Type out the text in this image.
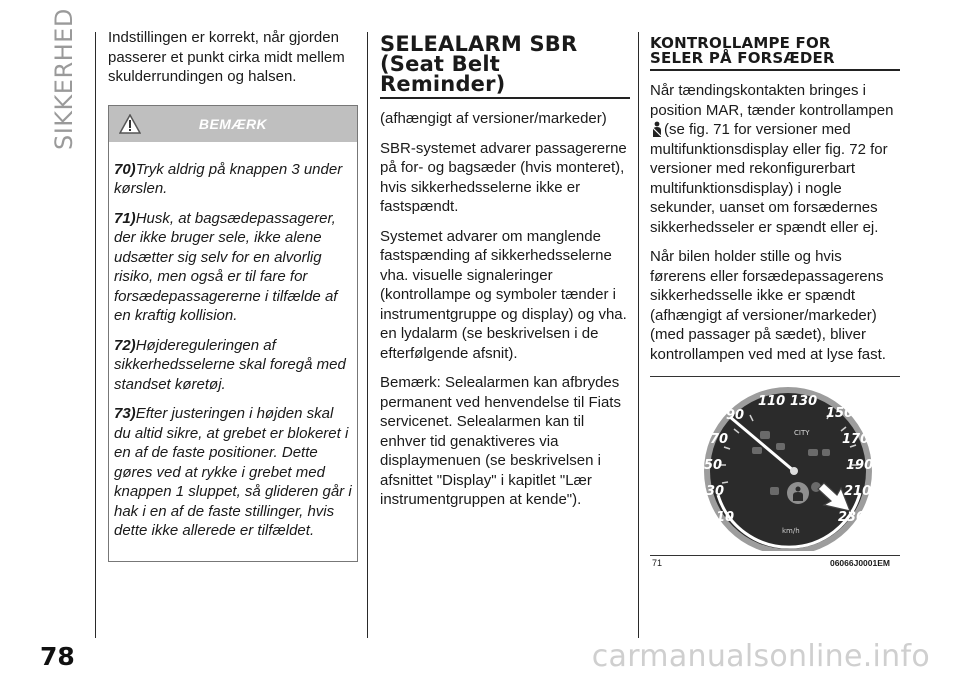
SIKKERHED Indstillingen er korrekt, når gjorden passerer et punkt cirka midt mellem skulderrundingen og halsen.

BEMÆRK

70)Tryk aldrig på knappen 3 under kørslen.

71)Husk, at bagsædepassagerer, der ikke bruger sele, ikke alene udsætter sig selv for en alvorlig risiko, men også er til fare for forsædepassagererne i tilfælde af en kraftig kollision.

72)Højdereguleringen af sikkerhedsselerne skal foregå med standset køretøj.

73)Efter justeringen i højden skal du altid sikre, at grebet er blokeret i en af de faste positioner. Dette gøres ved at rykke i grebet med knappen 1 sluppet, så glideren går i hak i en af de faste stillinger, hvis dette ikke allerede er tilfældet.

SELEALARM SBR
(Seat Belt
Reminder)

(afhængigt af versioner/markeder)

SBR-systemet advarer passagererne på for- og bagsæder (hvis monteret), hvis sikkerhedsselerne ikke er fastspændt.

Systemet advarer om manglende fastspænding af sikkerhedsselerne vha. visuelle signaleringer (kontrollampe og symboler tænder i instrumentgruppe og display) og vha. en lydalarm (se beskrivelsen i de efterfølgende afsnit).

Bemærk: Selealarmen kan afbrydes permanent ved henvendelse til Fiats servicenet. Selealarmen kan til enhver tid genaktiveres via displaymenuen (se beskrivelsen i afsnittet "Display" i kapitlet "Lær instrumentgruppen at kende").

KONTROLLAMPE FOR
SELER PÅ FORSÆDER

Når tændingskontakten bringes i position MAR, tænder kontrollampen
(se fig. 71 for versioner med multifunktionsdisplay eller fig. 72 for versioner med rekonfigurerbart multifunktionsdisplay) i nogle sekunder, uanset om forsædernes sikkerhedsseler er spændt eller ej.

Når bilen holder stille og hvis førerens eller forsædepassagerens sikkerhedsselle ikke er spændt (afhængigt af versioner/markeder) (med passager på sædet), bliver kontrollampen ved med at lyse fast.

90
70
50
30
10
110 130
150
170
190
210
230
CITY
km/h
71	06066J0001EM
78	carmanualsonline.info
